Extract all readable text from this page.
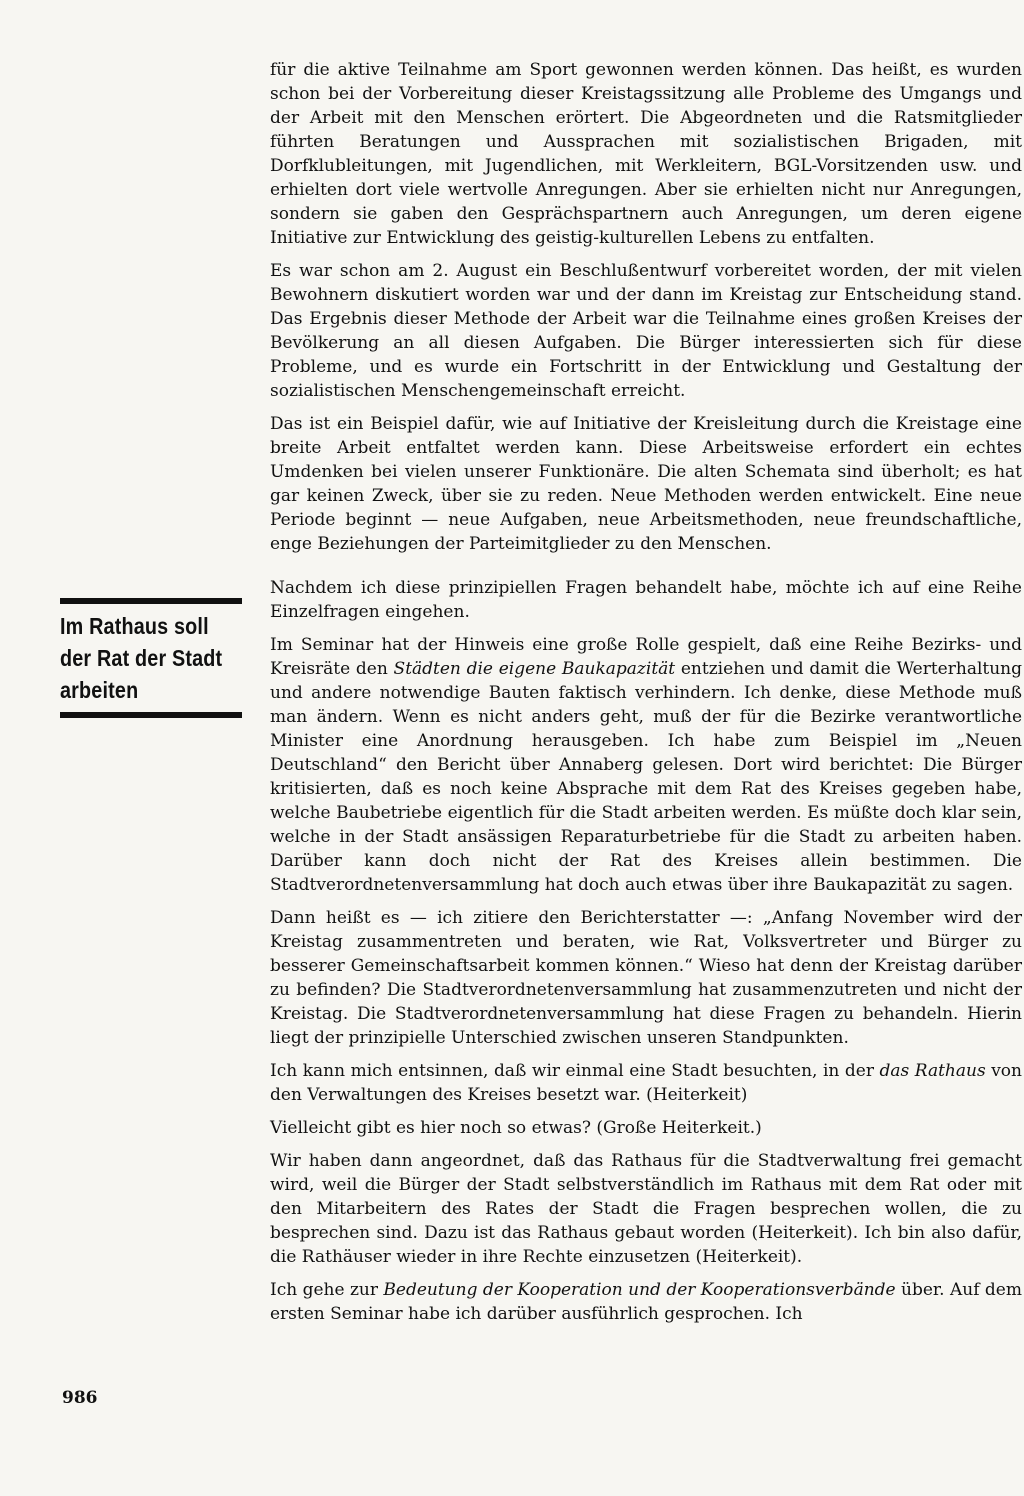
Im Rathaus soll
der Rat der Stadt
arbeiten

für die aktive Teilnahme am Sport gewonnen werden können. Das heißt, es wurden schon bei der Vorbereitung dieser Kreistagssitzung alle Probleme des Umgangs und der Arbeit mit den Menschen erörtert. Die Abgeordneten und die Ratsmitglieder führten Beratungen und Aussprachen mit sozialistischen Brigaden, mit Dorfklubleitungen, mit Jugendlichen, mit Werkleitern, BGL-Vorsitzenden usw. und erhielten dort viele wertvolle Anregungen. Aber sie erhielten nicht nur Anregungen, sondern sie gaben den Gesprächspartnern auch Anregungen, um deren eigene Initiative zur Entwicklung des geistig-kulturellen Lebens zu entfalten.

Es war schon am 2. August ein Beschlußentwurf vorbereitet worden, der mit vielen Bewohnern diskutiert worden war und der dann im Kreistag zur Entscheidung stand. Das Ergebnis dieser Methode der Arbeit war die Teilnahme eines großen Kreises der Bevölkerung an all diesen Aufgaben. Die Bürger interessierten sich für diese Probleme, und es wurde ein Fortschritt in der Entwicklung und Gestaltung der sozialistischen Menschengemeinschaft erreicht.

Das ist ein Beispiel dafür, wie auf Initiative der Kreisleitung durch die Kreistage eine breite Arbeit entfaltet werden kann. Diese Arbeitsweise erfordert ein echtes Umdenken bei vielen unserer Funktionäre. Die alten Schemata sind überholt; es hat gar keinen Zweck, über sie zu reden. Neue Methoden werden entwickelt. Eine neue Periode beginnt — neue Aufgaben, neue Arbeitsmethoden, neue freundschaftliche, enge Beziehungen der Parteimitglieder zu den Menschen.

Nachdem ich diese prinzipiellen Fragen behandelt habe, möchte ich auf eine Reihe Einzelfragen eingehen.

Im Seminar hat der Hinweis eine große Rolle gespielt, daß eine Reihe Bezirks- und Kreisräte den Städten die eigene Baukapazität entziehen und damit die Werterhaltung und andere notwendige Bauten faktisch verhindern. Ich denke, diese Methode muß man ändern. Wenn es nicht anders geht, muß der für die Bezirke verantwortliche Minister eine Anordnung herausgeben. Ich habe zum Beispiel im „Neuen Deutschland“ den Bericht über Annaberg gelesen. Dort wird berichtet: Die Bürger kritisierten, daß es noch keine Absprache mit dem Rat des Kreises gegeben habe, welche Baubetriebe eigentlich für die Stadt arbeiten werden. Es müßte doch klar sein, welche in der Stadt ansässigen Reparaturbetriebe für die Stadt zu arbeiten haben. Darüber kann doch nicht der Rat des Kreises allein bestimmen. Die Stadtverordnetenversammlung hat doch auch etwas über ihre Baukapazität zu sagen.

Dann heißt es — ich zitiere den Berichterstatter —: „Anfang November wird der Kreistag zusammentreten und beraten, wie Rat, Volksvertreter und Bürger zu besserer Gemeinschaftsarbeit kommen können.“ Wieso hat denn der Kreistag darüber zu befinden? Die Stadtverordnetenversammlung hat zusammenzutreten und nicht der Kreistag. Die Stadtverordnetenversammlung hat diese Fragen zu behandeln. Hierin liegt der prinzipielle Unterschied zwischen unseren Standpunkten.

Ich kann mich entsinnen, daß wir einmal eine Stadt besuchten, in der das Rathaus von den Verwaltungen des Kreises besetzt war. (Heiterkeit)

Vielleicht gibt es hier noch so etwas? (Große Heiterkeit.)

Wir haben dann angeordnet, daß das Rathaus für die Stadtverwaltung frei gemacht wird, weil die Bürger der Stadt selbstverständlich im Rathaus mit dem Rat oder mit den Mitarbeitern des Rates der Stadt die Fragen besprechen wollen, die zu besprechen sind. Dazu ist das Rathaus gebaut worden (Heiterkeit). Ich bin also dafür, die Rathäuser wieder in ihre Rechte einzusetzen (Heiterkeit).

Ich gehe zur Bedeutung der Kooperation und der Kooperationsverbände über. Auf dem ersten Seminar habe ich darüber ausführlich gesprochen. Ich

986
